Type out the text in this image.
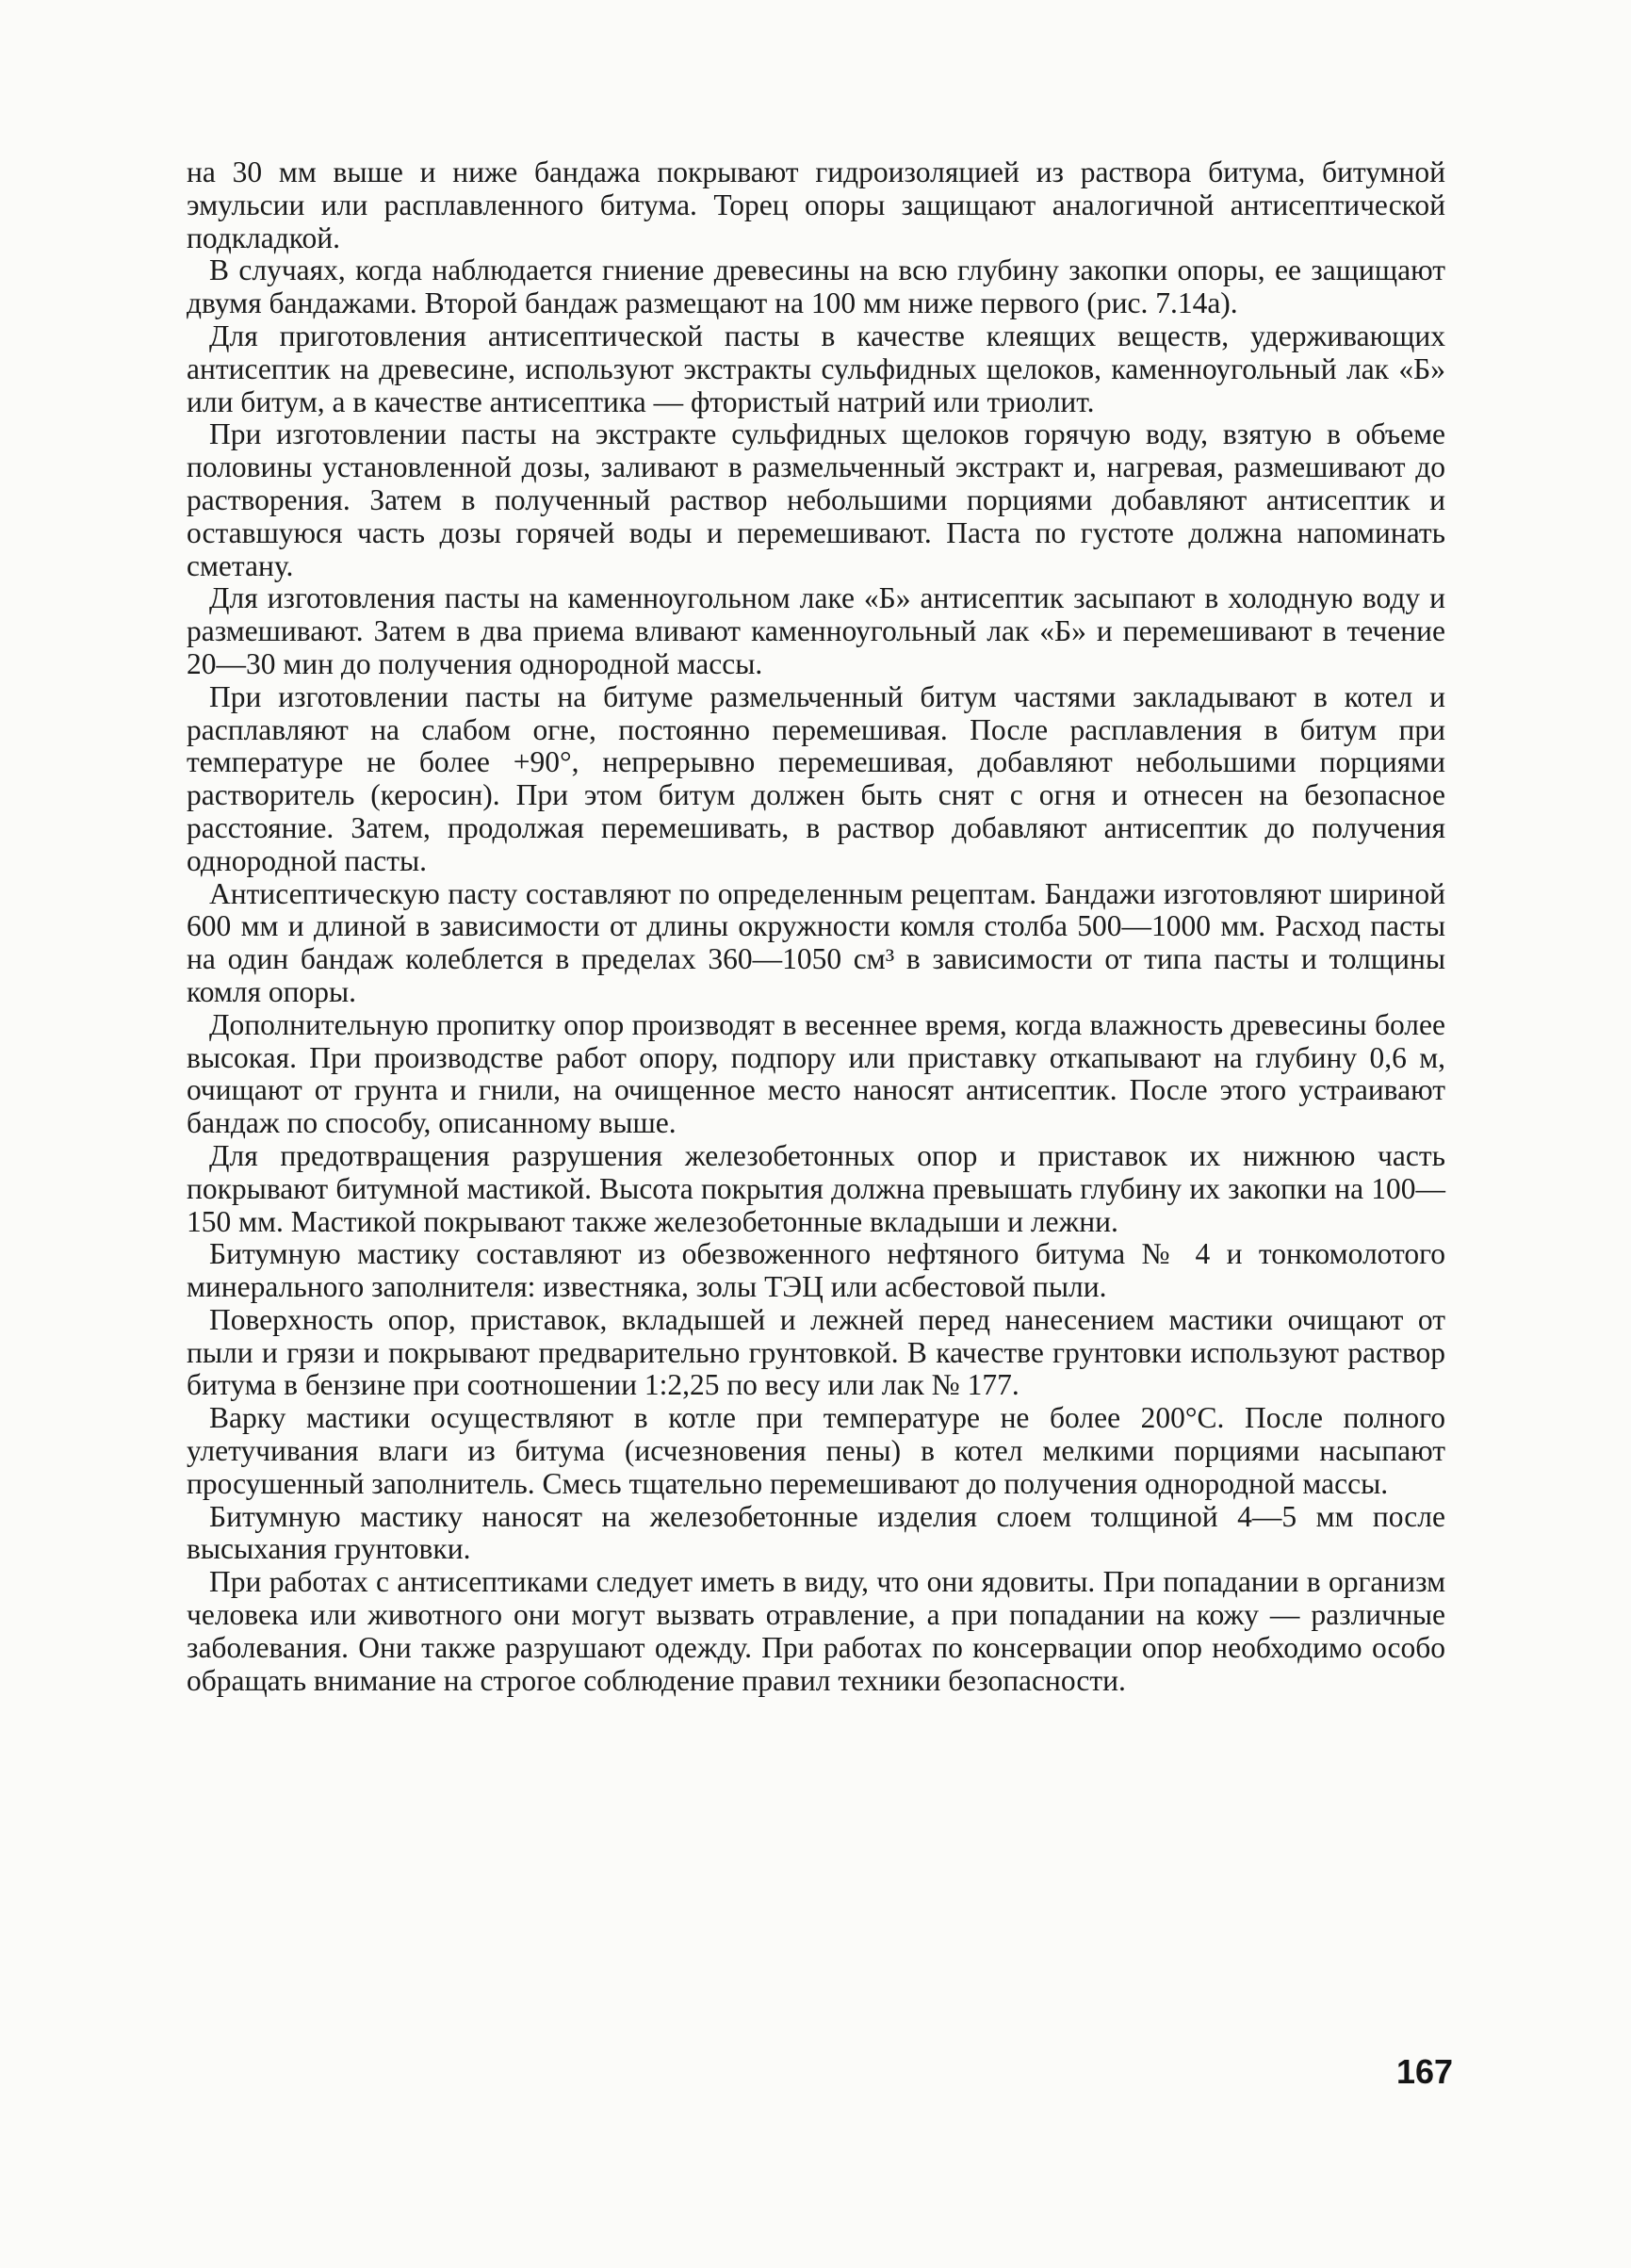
на 30 мм выше и ниже бандажа покрывают гидроизоляцией из раствора битума, битумной эмульсии или расплавленного битума. Торец опоры защищают аналогичной антисептической подкладкой.

В случаях, когда наблюдается гниение древесины на всю глубину закопки опоры, ее защищают двумя бандажами. Второй бандаж размещают на 100 мм ниже первого (рис. 7.14а).

Для приготовления антисептической пасты в качестве клеящих веществ, удерживающих антисептик на древесине, используют экстракты сульфидных щелоков, каменноугольный лак «Б» или битум, а в качестве антисептика — фтористый натрий или триолит.

При изготовлении пасты на экстракте сульфидных щелоков горячую воду, взятую в объеме половины установленной дозы, заливают в размельченный экстракт и, нагревая, размешивают до растворения. Затем в полученный раствор небольшими порциями добавляют антисептик и оставшуюся часть дозы горячей воды и перемешивают. Паста по густоте должна напоминать сметану.

Для изготовления пасты на каменноугольном лаке «Б» антисептик засыпают в холодную воду и размешивают. Затем в два приема вливают каменноугольный лак «Б» и перемешивают в течение 20—30 мин до получения однородной массы.

При изготовлении пасты на битуме размельченный битум частями закладывают в котел и расплавляют на слабом огне, постоянно перемешивая. После расплавления в битум при температуре не более +90°, непрерывно перемешивая, добавляют небольшими порциями растворитель (керосин). При этом битум должен быть снят с огня и отнесен на безопасное расстояние. Затем, продолжая перемешивать, в раствор добавляют антисептик до получения однородной пасты.

Антисептическую пасту составляют по определенным рецептам. Бандажи изготовляют шириной 600 мм и длиной в зависимости от длины окружности комля столба 500—1000 мм. Расход пасты на один бандаж колеблется в пределах 360—1050 см³ в зависимости от типа пасты и толщины комля опоры.

Дополнительную пропитку опор производят в весеннее время, когда влажность древесины более высокая. При производстве работ опору, подпору или приставку откапывают на глубину 0,6 м, очищают от грунта и гнили, на очищенное место наносят антисептик. После этого устраивают бандаж по способу, описанному выше.

Для предотвращения разрушения железобетонных опор и приставок их нижнюю часть покрывают битумной мастикой. Высота покрытия должна превышать глубину их закопки на 100—150 мм. Мастикой покрывают также железобетонные вкладыши и лежни.

Битумную мастику составляют из обезвоженного нефтяного битума № 4 и тонкомолотого минерального заполнителя: известняка, золы ТЭЦ или асбестовой пыли.

Поверхность опор, приставок, вкладышей и лежней перед нанесением мастики очищают от пыли и грязи и покрывают предварительно грунтовкой. В качестве грунтовки используют раствор битума в бензине при соотношении 1:2,25 по весу или лак № 177.

Варку мастики осуществляют в котле при температуре не более 200°С. После полного улетучивания влаги из битума (исчезновения пены) в котел мелкими порциями насыпают просушенный заполнитель. Смесь тщательно перемешивают до получения однородной массы.

Битумную мастику наносят на железобетонные изделия слоем толщиной 4—5 мм после высыхания грунтовки.

При работах с антисептиками следует иметь в виду, что они ядовиты. При попадании в организм человека или животного они могут вызвать отравление, а при попадании на кожу — различные заболевания. Они также разрушают одежду. При работах по консервации опор необходимо особо обращать внимание на строгое соблюдение правил техники безопасности.

167
